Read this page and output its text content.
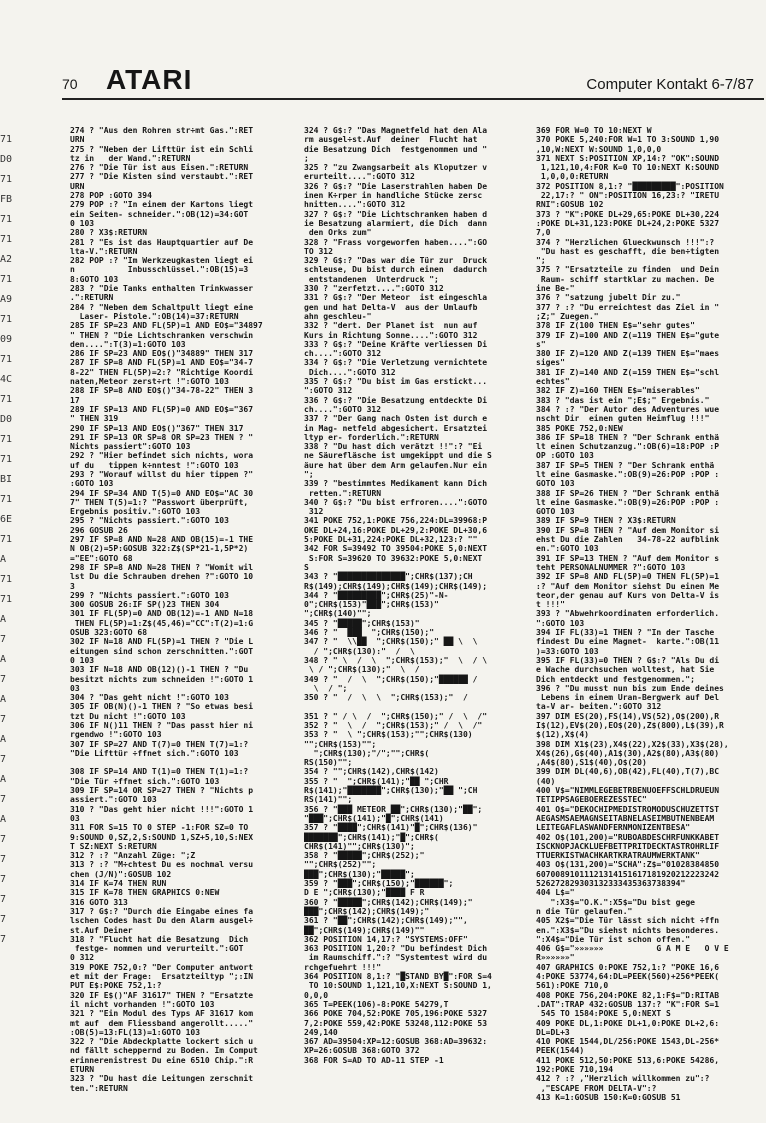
71
D0
71
FB
71
71
A2
71
A9
71
09
71
4C
71
D0
71
71
BI
71
6E
71
A
71
71
A
7
A
7
A
7
A
7
A
7
A
7
7
7
7
7
7
70 ATARI	Computer Kontakt 6-7/87
274 ? "Aus den Rohren str÷mt Gas.":RET
URN
275 ? "Neben der Lifttür ist ein Schli
tz in   der Wand.":RETURN
276 ? "Die Tür ist aus Eisen.":RETURN
277 ? "Die Kisten sind verstaubt.":RET
URN
278 POP :GOTO 394
279 POP :? "In einem der Kartons liegt
ein Seiten- schneider.":OB(12)=34:GOT
0 103
280 ? X3$:RETURN
281 ? "Es ist das Hauptquartier auf De
lta-V.":RETURN
282 POP :? "Im Werkzeugkasten liegt ei
n           Inbusschlüssel.":OB(15)=3
8:GOTO 103
283 ? "Die Tanks enthalten Trinkwasser
.":RETURN
284 ? "Neben dem Schaltpult liegt eine
Laser- Pistole.":OB(14)=37:RETURN
285 IF SP=23 AND FL(5P)=1 AND EO$="34897
" THEN ? "Die Lichtschranken verschwin
den....":T(3)=1:GOTO 103
286 IF SP=23 AND EO$()"34889" THEN 317
287 IF SP=8 AND FL(5P)=1 AND EO$="34-7
8-22" THEN FL(5P)=2:? "Richtige Koordi
naten,Meteor zerst÷rt !":GOTO 103
288 IF SP=8 AND EO$()"34-78-22" THEN 3
17
289 IF SP=13 AND FL(5P)=0 AND EO$="367
" THEN 319
290 IF SP=13 AND EO$()"367" THEN 317
291 IF SP=13 OR SP=8 OR SP=23 THEN ? "
Nichts passiert":GOTO 103
292 ? "Hier befindet sich nichts, wora
uf du   tippen k÷nntest !":GOTO 103
293 ? "Worauf willst du hier tippen ?"
:GOTO 103
294 IF SP=34 AND T(5)=0 AND EO$="AC 30
7" THEN T(5)=1:? "Passwort überprüft,
Ergebnis positiv.":GOTO 103
295 ? "Nichts passiert.":GOTO 103
296 GOSUB 26
297 IF SP=8 AND N=28 AND OB(15)=-1 THE
N OB(2)=5P:GOSUB 322:Z$(SP*21-1,5P*2)
="EE":GOTO 68
298 IF SP=8 AND N=28 THEN ? "Womit wil
lst Du die Schrauben drehen ?":GOTO 10
3
299 ? "Nichts passiert.":GOTO 103
300 GOSUB 26:IF SP()23 THEN 304
301 IF FL(5P)=0 AND OB(12)=-1 AND N=18
THEN FL(5P)=1:Z$(45,46)="CC":T(2)=1:G
OSUB 323:GOTO 68
302 IF N=18 AND FL(5P)=1 THEN ? "Die L
eitungen sind schon zerschnitten.":GOT
0 103
303 IF N=18 AND OB(12)()-1 THEN ? "Du
besitzt nichts zum schneiden !":GOTO 1
03
304 ? "Das geht nicht !":GOTO 103
305 IF OB(N)()-1 THEN ? "So etwas besi
tzt Du nicht !":GOTO 103
306 IF N()11 THEN ? "Das passt hier ni
rgendwo !":GOTO 103
307 IF SP=27 AND T(7)=0 THEN T(7)=1:?
"Die Lifttür ÷ffnet sich.":GOTO 103

308 IF SP=14 AND T(1)=0 THEN T(1)=1:?
"Die Tür ÷ffnet sich.":GOTO 103
309 IF SP=14 OR SP=27 THEN ? "Nichts p
assiert.":GOTO 103
310 ? "Das geht hier nicht !!!":GOTO 1
03
311 FOR S=15 TO 0 STEP -1:FOR SZ=0 TO
9:SOUND 0,SZ,2,S:SOUND 1,SZ+5,10,S:NEX
T SZ:NEXT S:RETURN
312 ? :? "Anzahl Züge: ";Z
313 ? :? "M÷chtest Du es nochmal versu
chen (J/N)":GOSUB 102
314 IF K=74 THEN RUN
315 IF K=78 THEN GRAPHICS 0:NEW
316 GOTO 313
317 ? G$:? "Durch die Eingabe eines fa
lschen Codes hast Du den Alarm ausgel÷
st.Auf Deiner
318 ? "Flucht hat die Besatzung  Dich
festge- nommen und verurteilt.":GOT
0 312
319 POKE 752,0:? "Der Computer antwort
et mit der Frage:  Ersatzteiltyp ";:IN
PUT E$:POKE 752,1:?
320 IF E$()"AF 31617" THEN ? "Ersatzte
il nicht vorhanden !":GOTO 103
321 ? "Ein Modul des Typs AF 31617 kom
mt auf  dem Fliessband angerollt....."
:OB(5)=13:FL(13)=1:GOTO 103
322 ? "Die Abdeckplatte lockert sich u
nd fällt scheppernd zu Boden. Im Comput
erinnerenistrest Du eine 6510 Chip.":R
ETURN
323 ? "Du hast die Leitungen zerschnit
ten.":RETURN
324 ? G$:? "Das Magnetfeld hat den Ala
rm ausgel÷st.Auf  deiner  Flucht hat
die Besatzung Dich  festgenommen und "
;
325 ? "zu Zwangsarbeit als Kloputzer v
erurteilt....":GOTO 312
326 ? G$:? "Die Laserstrahlen haben De
inen K÷rper in handliche Stücke zersc
hnitten....":GOTO 312
327 ? G$:? "Die Lichtschranken haben d
ie Besatzung alarmiert, die Dich  dann
den Orks zum"
328 ? "Frass vorgeworfen haben....":GO
TO 312
329 ? G$:? "Das war die Tür zur  Druck
schleuse, Du bist durch einen  dadurch
entstandenen  Unterdruck ";
330 ? "zerfetzt....":GOTO 312
331 ? G$:? "Der Meteor  ist eingeschla
gen und hat Delta-V  aus der Umlaufb
ahn geschleu-"
332 ? "dert. Der Planet ist  nun auf
Kurs in Richtung Sonne....":GOTO 312
333 ? G$:? "Deine Kräfte verliessen Di
ch....":GOTO 312
334 ? G$:? "Die Verletzung vernichtete
Dich....":GOTO 312
335 ? G$:? "Du bist im Gas erstickt...
":GOTO 312
336 ? G$:? "Die Besatzung entdeckte Di
ch....":GOTO 312
337 ? "Der Gang nach Osten ist durch e
in Mag- netfeld abgesichert. Ersatztei
ltyp er- forderlich.":RETURN
338 ? "Du hast dich verätzt !!":? "Ei
ne Säurefläsche ist umgekippt und die S
äure hat über dem Arm gelaufen.Nur ein
";
339 ? "bestimmtes Medikament kann Dich
retten.":RETURN
340 ? G$:? "Du bist erfroren....":GOTO
312
341 POKE 752,1:POKE 756,224:DL=39968:P
OKE DL+24,16:POKE DL+29,2:POKE DL+30,6
5:POKE DL+31,224:POKE DL+32,123:? ""
342 FOR S=39492 TO 39504:POKE 5,0:NEXT
S:FOR S=39620 TO 39632:POKE 5,0:NEXT
S
343 ? "██████████████";CHR$(137);CH
R$(149);CHR$(149);CHR$(149);CHR$(149);
344 ? "█████████";CHR$(25)"-N-
0";CHR$(153)"███";CHR$(153)"
";CHR$(140)"";
345 ? "█████";CHR$(153)"
346 ? "  ███  ";CHR$(150);"
347 ? "  \\██  ";CHR$(150);" ██ \  \
/ ";CHR$(130):"  /  \
348 ? " \  /  \  ";CHR$(153);"  \  / \
\ / ";CHR$(130);"  \  /
349 ? "  /  \  ";CHR$(150);"██████ /
\  / ";
350 ? "  /  \  \  ";CHR$(153);"  /

351 ? " / \  /  ";CHR$(150);" /  \  /"
352 ? "  \  /  ";CHR$(153);" /  \  /"
353 ? "  \ ";CHR$(153);"";CHR$(130)
"";CHR$(153)"";
";CHR$(130);"/";"";CHR$(
RS(150)"";
354 ? "";CHR$(142),CHR$(142)
355 ? "  ";CHR$(141);"██ ";CHR
R$(141);"███████";CHR$(130);"██ ";CH
RS(141)"";
356 ? "███ METEOR ██";CHR$(130);"██";
"███";CHR$(141);"█";CHR$(141)
357 ? "████";CHR$(141)"█";CHR$(136)"
███████";CHR$(141);"█";CHR$(
CHR$(141)"";CHR$(130)";
358 ? "█████";CHR$(252);"
"";CHR$(252)"";
███";CHR$(130);"█████";
359 ? "███";CHR$(150);"██████";
D E ";CHR$(130);"████ F R
360 ? "█████";CHR$(142);CHR$(149);"
███";CHR$(142);CHR$(149);"
361 ? "██";CHR$(142);CHR$(149);"",
██";CHR$(149);CHR$(149)""
362 POSITION 14,17:? "SYSTEMS:OFF"
363 POSITION 1,20:? "Du befindest Dich
im Raumschiff.":? "Systemtest wird du
rchgefuehrt !!!"
364 POSITION 8,1:? "█STAND BY█":FOR S=4
TO 10:SOUND 1,121,10,X:NEXT S:SOUND 1,
0,0,0
365 T=PEEK(106)-8:POKE 54279,T
366 POKE 704,52:POKE 705,196:POKE 5327
7,2:POKE 559,42:POKE 53248,112:POKE 53
249,140
367 AD=39504:XP=12:GOSUB 368:AD=39632:
XP=26:GOSUB 368:GOTO 372
368 FOR S=AD TO AD-11 STEP -1
369 FOR W=0 TO 10:NEXT W
370 POKE 5,240:FOR W=1 TO 3:SOUND 1,90
,10,W:NEXT W:SOUND 1,0,0,0
371 NEXT S:POSITION XP,14:? "OK":SOUND
1,121,10,4:FOR K=0 TO 10:NEXT K:SOUND
1,0,0,0:RETURN
372 POSITION 8,1:? "█████████":POSITION
22,17:? " ON":POSITION 16,23:? "IRETU
RNI":GOSUB 102
373 ? "K":POKE DL+29,65:POKE DL+30,224
:POKE DL+31,123:POKE DL+24,2:POKE 5327
7,0
374 ? "Herzlichen Glueckwunsch !!!":?
"Du hast es geschafft, die ben÷tigten
";
375 ? "Ersatzteile zu finden  und Dein
Raum- schiff startklar zu machen. De
ine Be-"
376 ? "satzung jubelt Dir zu."
377 ? :? "Du erreichtest das Ziel in "
;Z;" Zuegen."
378 IF Z(100 THEN E$="sehr gutes"
379 IF Z)=100 AND Z(=119 THEN E$="gute
s"
380 IF Z)=120 AND Z(=139 THEN E$="maes
siges"
381 IF Z)=140 AND Z(=159 THEN E$="schl
echtes"
382 IF Z)=160 THEN E$="miserables"
383 ? "das ist ein ";E$;" Ergebnis."
384 ? :? "Der Autor des Adventures wue
nscht Dir  einen guten Heimflug !!!"
385 POKE 752,0:NEW
386 IF SP=18 THEN ? "Der Schrank enthä
lt einen Schutzanzug.":OB(6)=18:POP :P
OP :GOTO 103
387 IF SP=5 THEN ? "Der Schrank enthä
lt eine Gasmaske.":OB(9)=26:POP :POP :
GOTO 103
388 IF SP=26 THEN ? "Der Schrank enthä
lt eine Gasmaske.":OB(9)=26:POP :POP :
GOTO 103
389 IF SP=9 THEN ? X3$:RETURN
390 IF SP=8 THEN ? "Auf dem Monitor si
ehst Du die Zahlen   34-78-22 aufblink
en.":GOTO 103
391 IF SP=13 THEN ? "Auf dem Monitor s
teht PERSONALNUMMER ?":GOTO 103
392 IF SP=8 AND FL(5P)=0 THEN FL(5P)=1
:? "Auf dem Monitor siehst Du einen Me
teor,der genau auf Kurs von Delta-V is
t !!!"
393 ? "Abwehrkoordinaten erforderlich.
":GOTO 103
394 IF FL(33)=1 THEN ? "In der Tasche
findest Du eine Magnet-  karte.":OB(11
)=33:GOTO 103
395 IF FL(33)=0 THEN ? G$:? "Als Du di
e Wache durchsuchen wolltest, hat Sie
Dich entdeckt und festgenommen.";
396 ? "Du musst nun bis zum Ende deines
Lebens in einem Uran-Bergwerk auf Del
ta-V ar- beiten.":GOTO 312
397 DIM ES(20),FS(14),VS(52),O$(200),R
I$(12),EV$(20),EO$(20),Z$(800),L$(39),R
$(12),X$(4)
398 DIM X1$(23),X4$(22),X2$(33),X3$(28),
X4$(26),G$(40),A1$(30),A2$(80),A3$(80)
,A4$(80),S1$(40),O$(20)
399 DIM DL(40,6),OB(42),FL(40),T(7),BC
(40)
400 V$="NIMMLEGEBETRBENUOEFFSCHLDRUEUN
TETIPPSAGEBOEREZESSTEC"
401 O$="DEKOCHIPMEDISTROMODUSCHUZETTST
AEGASMSAEMAGNSEITABNELASEIMBUTNENBEAM
LEITEGAFLASWANDFERNMONIZENTBESA"
402 O$(101,200)="RUBOABDESCHRFUNKKABET
ISCKNOPJACKLUEFBETTPRITDECKTASTROHRLIF
TTUERKISTWACHKARTKRATRAUMWERKTANK"
403 O$(131,200)="SCHA":Z$="01028384850
60700891011121314151617181920212223242
526272829303132333435363738394"
404 L$="
":X3$="O.K.":X5$="Du bist gege
n die Tür gelaufen."
405 X2$="Die Tür lässt sich nicht ÷ffn
en.":X3$="Du siehst nichts besonderes.
":X4$="Die Tür ist schon offen."
406 G$="»»»»»»           G A M E   O V E
R»»»»»»"
407 GRAPHICS 0:POKE 752,1:? "POKE 16,6
4:POKE 53774,64:DL=PEEK(560)+256*PEEK(
561):POKE 710,0
408 POKE 756,204:POKE 82,1:F$="D:RITAB
.DAT":TRAP 432:GOSUB 137:? "K":FOR S=1
545 TO 1584:POKE 5,0:NEXT S
409 POKE DL,1:POKE DL+1,0:POKE DL+2,6:
DL=DL+3
410 POKE 1544,DL/256:POKE 1543,DL-256*
PEEK(1544)
411 POKE 512,50:POKE 513,6:POKE 54286,
192:POKE 710,194
412 ? :? ,"Herzlich willkommen zu":?
,"ESCAPE FROM DELTA-V":?
413 K=1:GOSUB 150:K=0:GOSUB 51
